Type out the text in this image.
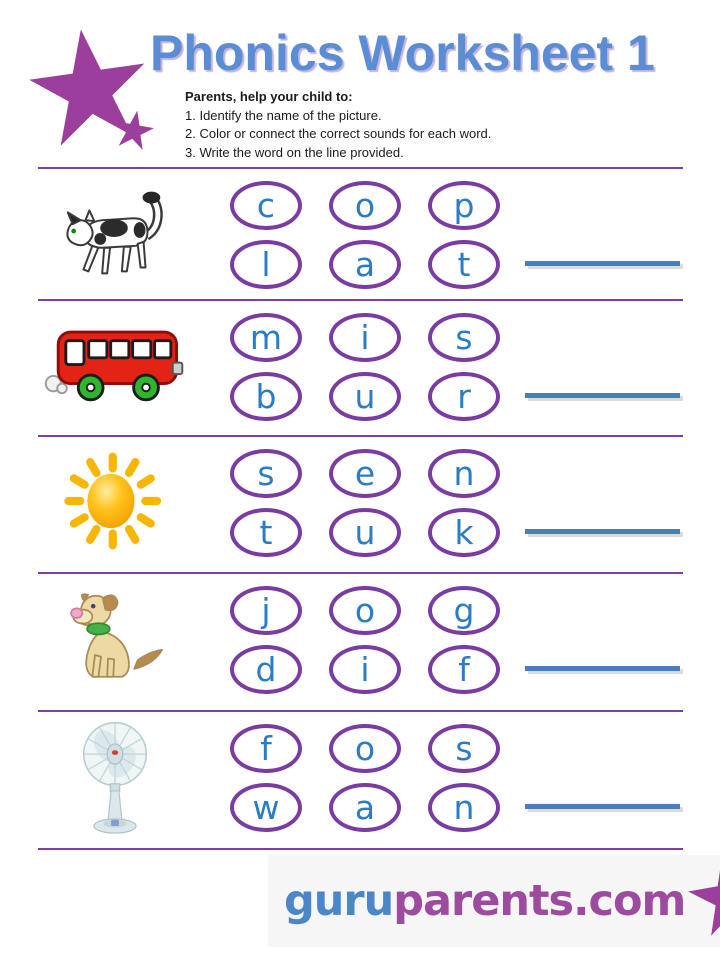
Phonics Worksheet 1
Parents, help your child to:
1. Identify the name of the picture.
2. Color or connect the correct sounds for each word.
3. Write the word on the line provided.
c o p
l	a t
m i	s
b u r
s e n
t u k
j	o g
d	i	f
f	o s
w a n
guruparents.com
